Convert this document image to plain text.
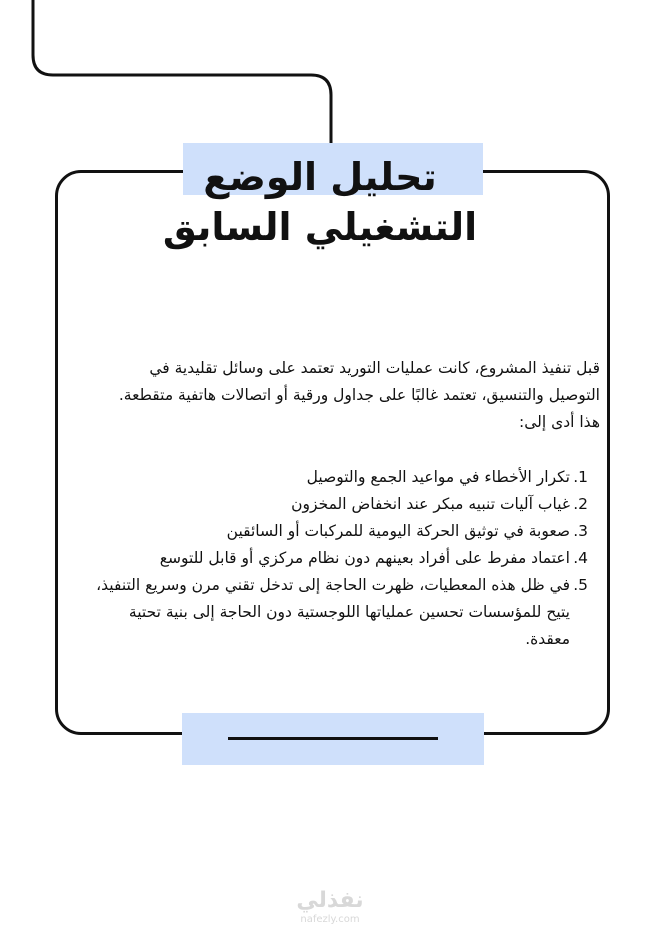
تحليل الوضع
التشغيلي السابق

قبل تنفيذ المشروع، كانت عمليات التوريد تعتمد على وسائل تقليدية في التوصيل والتنسيق، تعتمد غالبًا على جداول ورقية أو اتصالات هاتفية متقطعة. هذا أدى إلى:

1.
تكرار الأخطاء في مواعيد الجمع والتوصيل
2.
غياب آليات تنبيه مبكر عند انخفاض المخزون
3.
صعوبة في توثيق الحركة اليومية للمركبات أو السائقين
4.
اعتماد مفرط على أفراد بعينهم دون نظام مركزي أو قابل للتوسع
5.
في ظل هذه المعطيات، ظهرت الحاجة إلى تدخل تقني مرن وسريع التنفيذ، يتيح للمؤسسات تحسين عملياتها اللوجستية دون الحاجة إلى بنية تحتية معقدة.
نفذلي
nafezly.com
